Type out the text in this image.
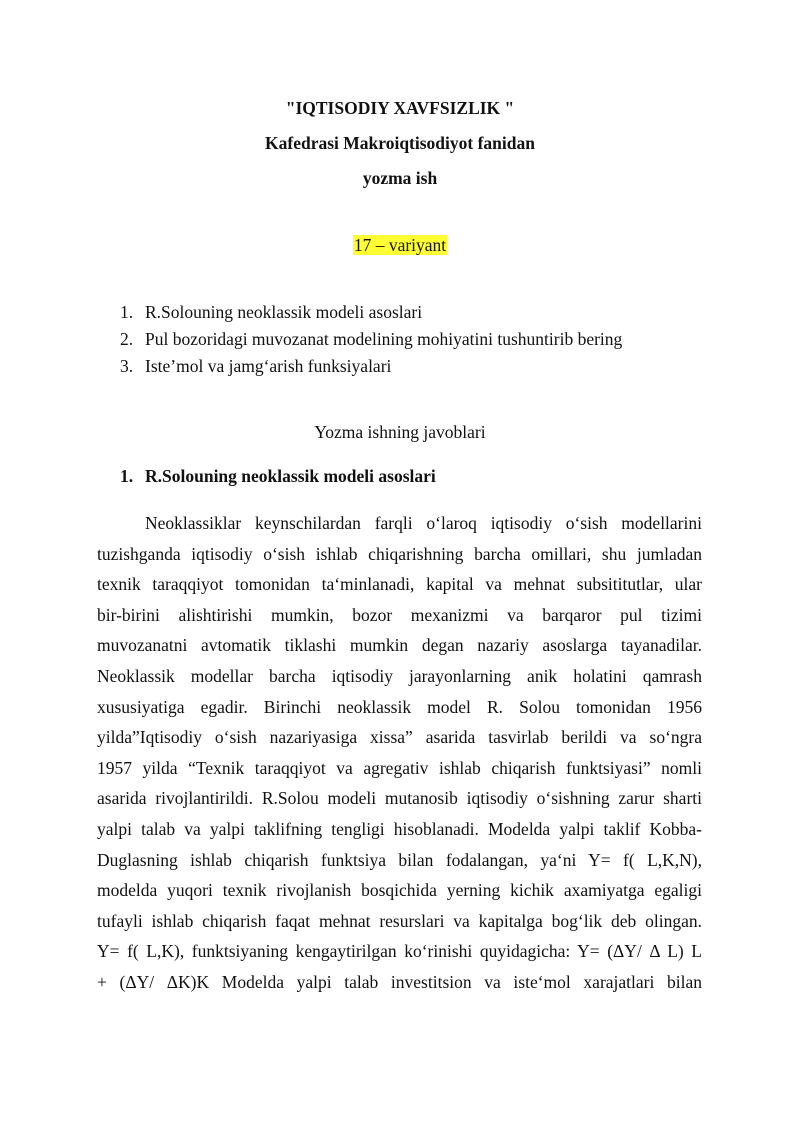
"IQTISODIY XAVFSIZLIK "
Kafedrasi Makroiqtisodiyot fanidan
yozma ish
17 – variyant
1. R.Solouning neoklassik modeli asoslari
2. Pul bozoridagi muvozanat modelining mohiyatini tushuntirib bering
3. Iste’mol va jamg‘arish funksiyalari
Yozma ishning javoblari
1. R.Solouning neoklassik modeli asoslari
Neoklassiklar keynschilardan farqli o‘laroq iqtisodiy o‘sish modellarini
tuzishganda iqtisodiy o‘sish ishlab chiqarishning barcha omillari, shu jumladan
texnik taraqqiyot tomonidan ta‘minlanadi, kapital va mehnat subsititutlar, ular
bir-birini alishtirishi mumkin, bozor mexanizmi va barqaror pul tizimi
muvozanatni avtomatik tiklashi mumkin degan nazariy asoslarga tayanadilar.
Neoklassik modellar barcha iqtisodiy jarayonlarning anik holatini qamrash
xususiyatiga egadir. Birinchi neoklassik model R. Solou tomonidan 1956
yilda”Iqtisodiy o‘sish nazariyasiga xissa” asarida tasvirlab berildi va so‘ngra
1957 yilda “Texnik taraqqiyot va agregativ ishlab chiqarish funktsiyasi” nomli
asarida rivojlantirildi. R.Solou modeli mutanosib iqtisodiy o‘sishning zarur sharti
yalpi talab va yalpi taklifning tengligi hisoblanadi. Modelda yalpi taklif Kobba-
Duglasning ishlab chiqarish funktsiya bilan fodalangan, ya‘ni Y= f( L,K,N),
modelda yuqori texnik rivojlanish bosqichida yerning kichik axamiyatga egaligi
tufayli ishlab chiqarish faqat mehnat resurslari va kapitalga bog‘lik deb olingan.
Y= f( L,K), funktsiyaning kengaytirilgan ko‘rinishi quyidagicha: Y= (ΔY/ Δ L) L
+ (ΔY/ ΔK)K Modelda yalpi talab investitsion va iste‘mol xarajatlari bilan
